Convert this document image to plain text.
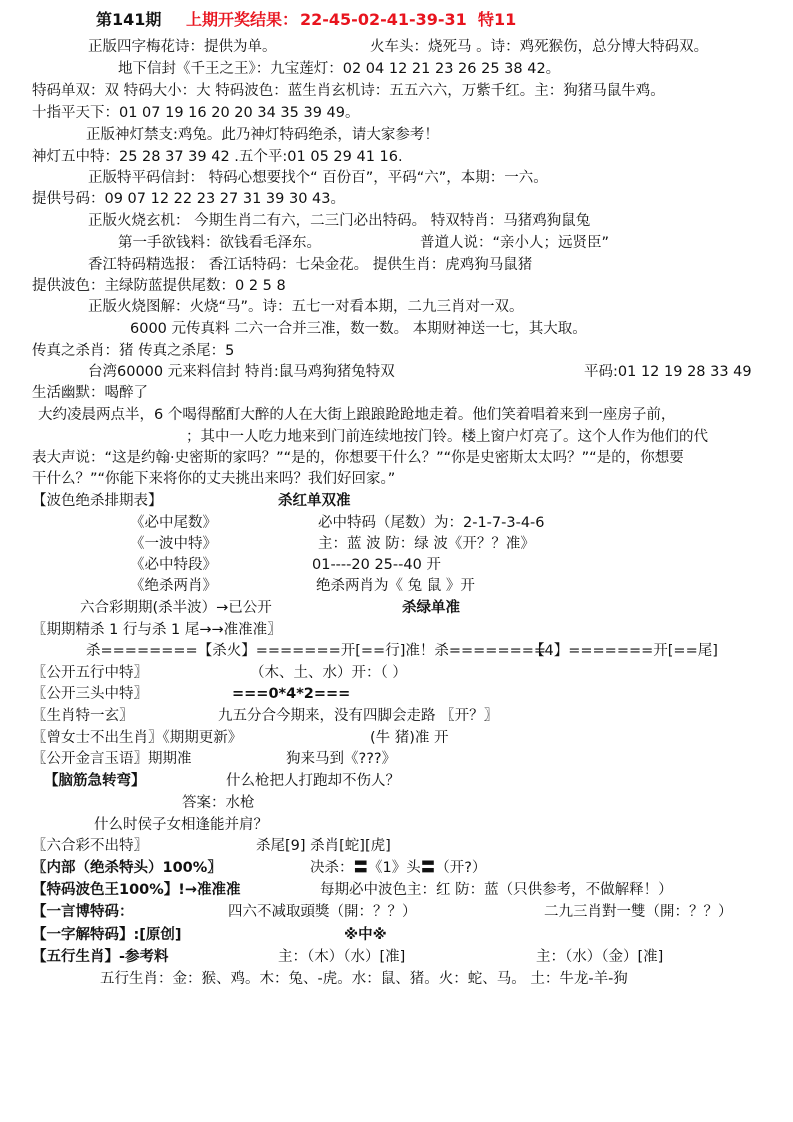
第141期 上期开奖结果： 22-45-02-41-39-31 特11
正版四字梅花诗：提供为单。	火车头：烧死马 。诗：鸡死猴伤，总分博大特码双。
地下信封《千王之王》：九宝莲灯：02 04 12 21 23 26 25 38 42。
特码单双：双 特码大小：大 特码波色：蓝生肖玄机诗：五五六六，万紫千红。主：狗猪马鼠牛鸡。
十指平天下：01 07 19 16 20 20 34 35 39 49。
正版神灯禁支:鸡兔。此乃神灯特码绝杀，请大家参考！
神灯五中特：25 28 37 39 42 .五个平:01 05 29 41 16.
正版特平码信封： 特码心想要找个“ 百份百”，平码“六”，本期：一六。
提供号码：09 07 12 22 23 27 31 39 30 43。
正版火烧玄机： 今期生肖二有六，二三门必出特码。 特双特肖：马猪鸡狗鼠兔
第一手欲钱料：欲钱看毛泽东。	普道人说：“亲小人；远贤臣”
香江特码精选报： 香江话特码：七朵金花。 提供生肖：虎鸡狗马鼠猪
提供波色：主绿防蓝提供尾数：0 2 5 8
正版火烧图解：火烧“马”。诗：五七一对看本期，二九三肖对一双。
6000 元传真料 二六一合并三准，数一数。 本期财神送一七，其大取。
传真之杀肖：猪 传真之杀尾：5
台湾60000 元来料信封 特肖:鼠马鸡狗猪兔特双	平码:01 12 19 28 33 49
生活幽默：喝醉了
大约凌晨两点半，6 个喝得酩酊大醉的人在大街上踉踉跄跄地走着。他们笑着唱着来到一座房子前，
；其中一人吃力地来到门前连续地按门铃。楼上窗户灯亮了。这个人作为他们的代
表大声说：“这是约翰·史密斯的家吗？”“是的，你想要干什么？”“你是史密斯太太吗？”“是的，你想要
干什么？”“你能下来将你的丈夫挑出来吗？我们好回家。”
【波色绝杀排期表】	杀红单双准
《必中尾数》	必中特码（尾数）为：2-1-7-3-4-6
《一波中特》	主：蓝 波 防：绿 波《开？？准》
《必中特段》	01----20 25--40 开
《绝杀两肖》	绝杀两肖为《 兔 鼠 》开
六合彩期期(杀半波）→已公开	杀绿单准
〖期期精杀 1 行与杀 1 尾→→准准准〗
杀========【杀火】=======开[==行]准！杀========
【4】=======开[==尾]
〖公开五行中特〗	（木、土、水）开：（ ）
〖公开三头中特〗	===0*4*2===
〖生肖特一玄〗	九五分合今期来，没有四脚会走路 〖开？〗
〖曾女士不出生肖〗《期期更新》	(牛 猪)准 开
〖公开金言玉语〗期期准	狗来马到《???》
【脑筋急转弯】	什么枪把人打跑却不伤人？
答案：水枪
什么时侯子女相逢能并肩？
〖六合彩不出特〗	杀尾[9] 杀肖[蛇][虎]
〖内部（绝杀特头）100%〗	决杀：〓《1》头〓（开?）
【特码波色王100%】!→准准准	每期必中波色主：红 防：蓝（只供参考，不做解释！）
【一言博特码：	四六不减取頭獎（開：？？）	二九三肖對一雙（開：？？）
【一字解特码】:[原创]	※中※
【五行生肖】-参考料	主：（木）（水）[准]	主：（水）（金）[准]
五行生肖：金：猴、鸡。木：兔、-虎。水：鼠、猪。火：蛇、马。 土：牛龙-羊-狗
